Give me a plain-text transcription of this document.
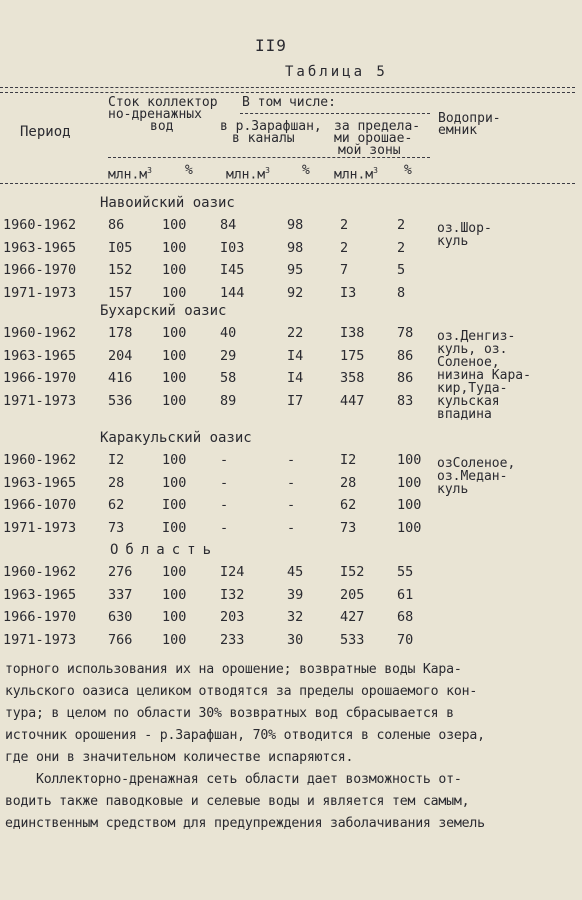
II9
Таблица 5
Период
Сток коллектор
но-дренажных
вод
В том числе:
в р.Зарафшан,
в каналы
за предела-
ми орошае-
мой зоны
Водопри-
емник
$млн.м^3$	%	$млн.м^3$ % $млн.м^3$ %
Навоийский оазис
1960-1962 86	100 84	98	2	2
1963-1965 I05 100 I03	98	2	2
1966-1970 152 100 I45	95	7	5
1971-1973 157 100 144	92	I3	8
оз.Шор-
куль
Бухарский оазис
1960-1962 178 100 40	22	I38 78
1963-1965 204 100 29	I4	175 86
1966-1970 416 100 58	I4	358 86
1971-1973 536 100 89	I7	447 83
оз.Денгиз-
куль, оз.
Соленое,
низина Кара-
кир,Туда-
кульская
впадина
Каракульский оазис
1960-1962 I2	100 -	-	I2	100
1963-1965 28	100 -	-	28	100
1966-1070 62	I00 -	-	62	100
1971-1973 73	I00 -	-	73	100
озСоленое,
оз.Медан-
куль
Область
1960-1962 276 100 I24	45	I52 55
1963-1965 337 100 I32	39	205 61
1966-1970 630 100 203	32	427 68
1971-1973 766 100 233	30	533 70
торного использования их на орошение; возвратные воды Кара-
кульского оазиса целиком отводятся за пределы орошаемого кон-
тура; в целом по области 30% возвратных вод сбрасывается в
источник орошения - р.Зарафшан, 70% отводится в соленые озера,
где они в значительном количестве испаряются.
Коллекторно-дренажная сеть области дает возможность от-
водить также паводковые и селевые воды и является тем самым,
единственным средством для предупреждения заболачивания земель
